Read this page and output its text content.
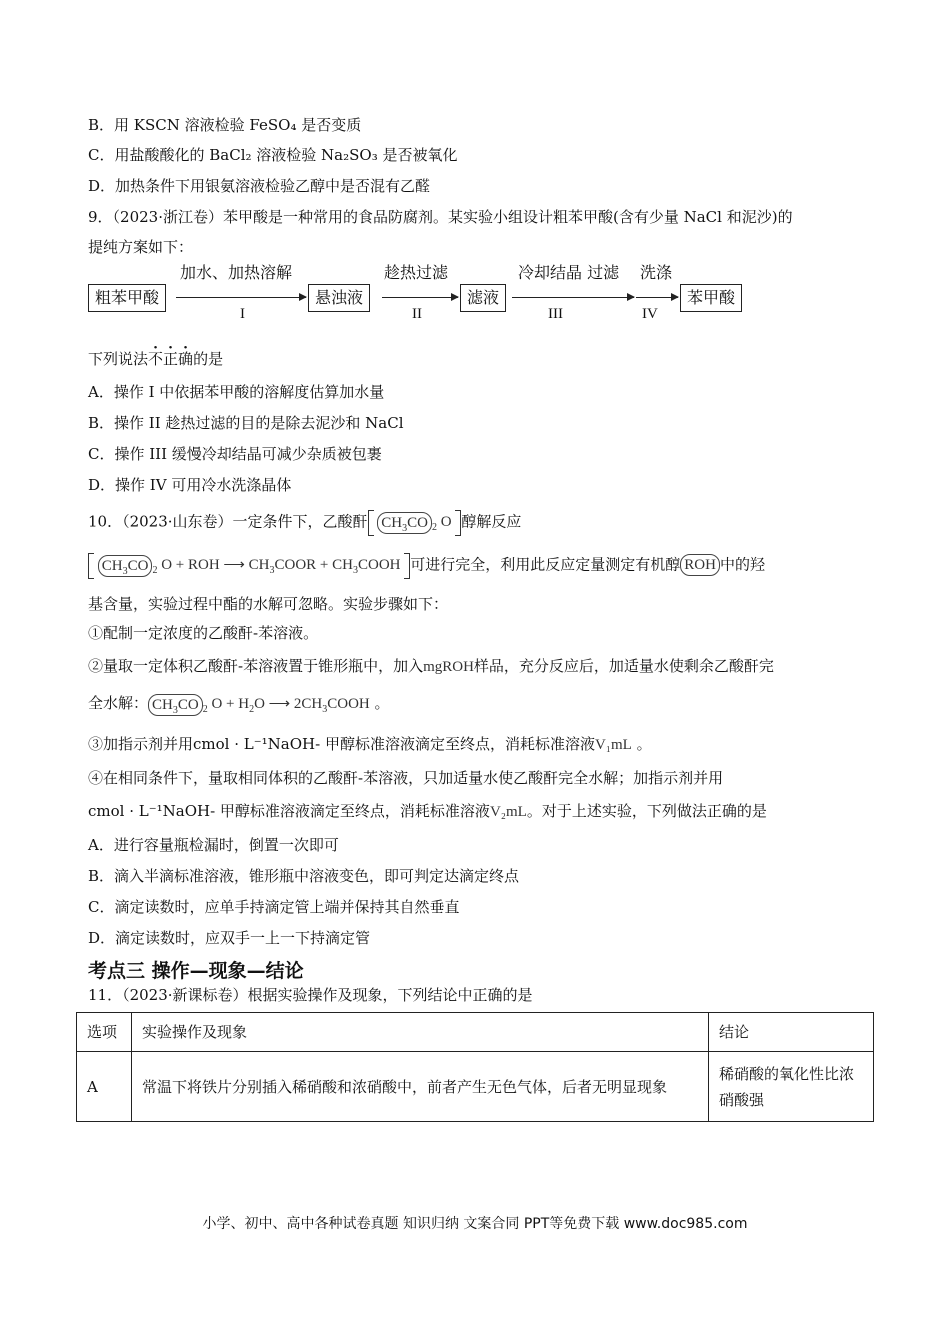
B．用 KSCN 溶液检验 FeSO₄ 是否变质
C．用盐酸酸化的 BaCl₂ 溶液检验 Na₂SO₃ 是否被氧化
D．加热条件下用银氨溶液检验乙醇中是否混有乙醛
9．（2023·浙江卷）苯甲酸是一种常用的食品防腐剂。某实验小组设计粗苯甲酸(含有少量 NaCl 和泥沙)的
提纯方案如下：
粗苯甲酸
加水、加热溶解
I
悬浊液
趁热过滤
II
滤液
冷却结晶 过滤
III
洗涤
IV
苯甲酸
下列说法不正确的是
A．操作 I 中依据苯甲酸的溶解度估算加水量
B．操作 II 趁热过滤的目的是除去泥沙和 NaCl
C．操作 III 缓慢冷却结晶可减少杂质被包裹
D．操作 IV 可用冷水洗涤晶体
10．（2023·山东卷）一定条件下，乙酸酐 $CH_3CO$ $_2$ O 醇解反应
$CH_3CO$ $_2$ O + ROH ⟶ $CH_3COOR$ + $CH_3COOH$ 可进行完全，利用此反应定量测定有机醇 ROH 中的羟
基含量，实验过程中酯的水解可忽略。实验步骤如下：
①配制一定浓度的乙酸酐-苯溶液。
②量取一定体积乙酸酐-苯溶液置于锥形瓶中，加入mgROH样品，充分反应后，加适量水使剩余乙酸酐完
全水解： $CH_3CO$ $_2$ $O + H_2O$ ⟶ $2CH_3COOH$ 。
③加指示剂并用cmol · L⁻¹NaOH- 甲醇标准溶液滴定至终点，消耗标准溶液V₁mL 。
④在相同条件下，量取相同体积的乙酸酐-苯溶液，只加适量水使乙酸酐完全水解；加指示剂并用
cmol · L⁻¹NaOH- 甲醇标准溶液滴定至终点，消耗标准溶液V₂mL。对于上述实验，下列做法正确的是
A．进行容量瓶检漏时，倒置一次即可
B．滴入半滴标准溶液，锥形瓶中溶液变色，即可判定达滴定终点
C．滴定读数时，应单手持滴定管上端并保持其自然垂直
D．滴定读数时，应双手一上一下持滴定管
考点三 操作—现象—结论
11．（2023·新课标卷）根据实验操作及现象，下列结论中正确的是
选项	实验操作及现象	结论
A	常温下将铁片分别插入稀硝酸和浓硝酸中，前者产生无色气体，后者无明显现象	稀硝酸的氧化性比浓硝酸强
小学、初中、高中各种试卷真题 知识归纳 文案合同 PPT等免费下载 www.doc985.com
